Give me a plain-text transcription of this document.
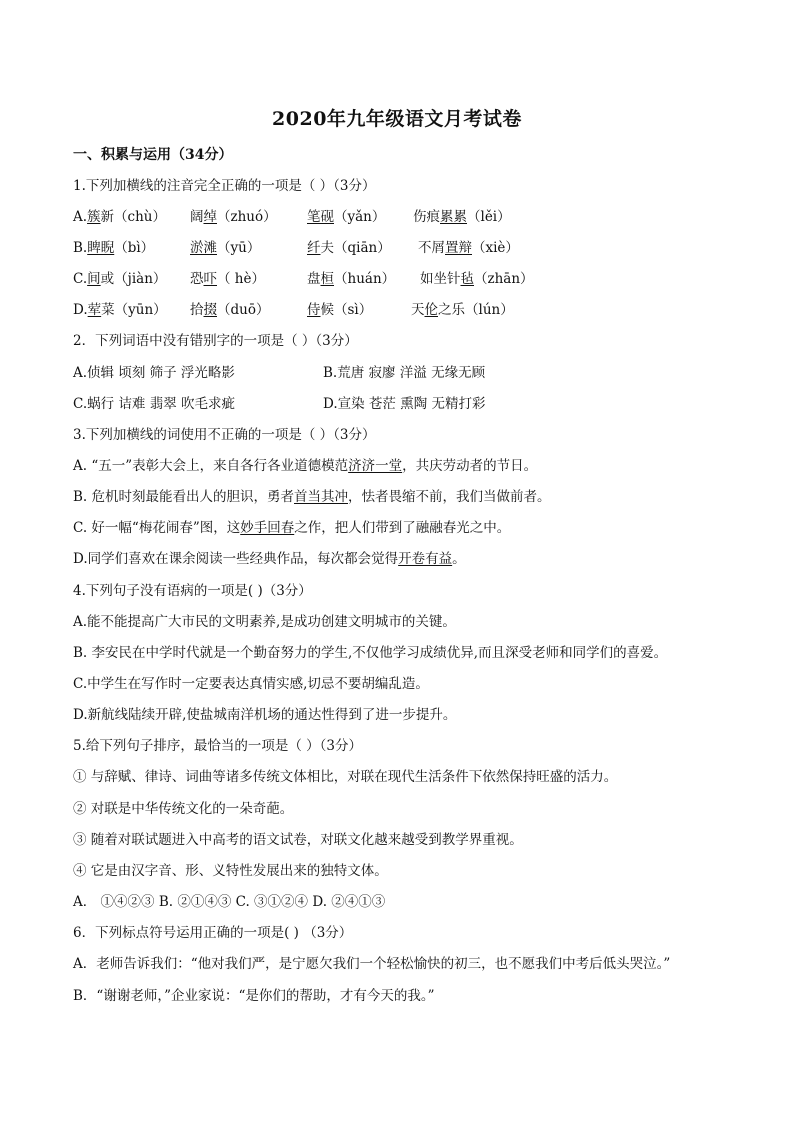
2020年九年级语文月考试卷
一、积累与运用（34分）
1.下列加横线的注音完全正确的一项是（ ）（3分）
A.簇新（chù） 阔绰（zhuó） 笔砚（yǎn） 伤痕累累（lěi）
B.睥睨（bì）	淤滩（yū）	纤夫（qiān） 不屑置辩（xiè）
C.间或（jiàn） 恐吓（ hè）	盘桓（huán） 如坐针毡（zhān）
D.荤菜（yūn） 拾掇（duō）	侍候（sì）	天伦之乐（lún）
2．下列词语中没有错别字的一项是（ ）（3分）
A.侦辑 顷刻 筛子 浮光略影	B.荒唐 寂廖 洋溢 无缘无顾
C.蜗行 诘难 翡翠 吹毛求疵	D.宣染 苍茫 熏陶 无精打彩
3.下列加横线的词使用不正确的一项是（ ）（3分）
A. “五一”表彰大会上，来自各行各业道德模范济济一堂，共庆劳动者的节日。
B. 危机时刻最能看出人的胆识，勇者首当其冲，怯者畏缩不前，我们当做前者。
C. 好一幅“梅花闹春”图，这妙手回春之作，把人们带到了融融春光之中。
D.同学们喜欢在课余阅读一些经典作品，每次都会觉得开卷有益。
4.下列句子没有语病的一项是( )（3分）
A.能不能提高广大市民的文明素养,是成功创建文明城市的关键。
B. 李安民在中学时代就是一个勤奋努力的学生,不仅他学习成绩优异,而且深受老师和同学们的喜爱。
C.中学生在写作时一定要表达真情实感,切忌不要胡编乱造。
D.新航线陆续开辟,使盐城南洋机场的通达性得到了进一步提升。
5.给下列句子排序，最恰当的一项是（ ）（3分）
① 与辞赋、律诗、词曲等诸多传统文体相比，对联在现代生活条件下依然保持旺盛的活力。
② 对联是中华传统文化的一朵奇葩。
③ 随着对联试题进入中高考的语文试卷，对联文化越来越受到教学界重视。
④ 它是由汉字音、形、义特性发展出来的独特文体。
A． ①④②③ B. ②①④③ C. ③①②④ D. ②④①③
6．下列标点符号运用正确的一项是( ) （3分）
A．老师告诉我们：“他对我们严，是宁愿欠我们一个轻松愉快的初三，也不愿我们中考后低头哭泣。”
B．“谢谢老师，”企业家说：“是你们的帮助，才有今天的我。”
